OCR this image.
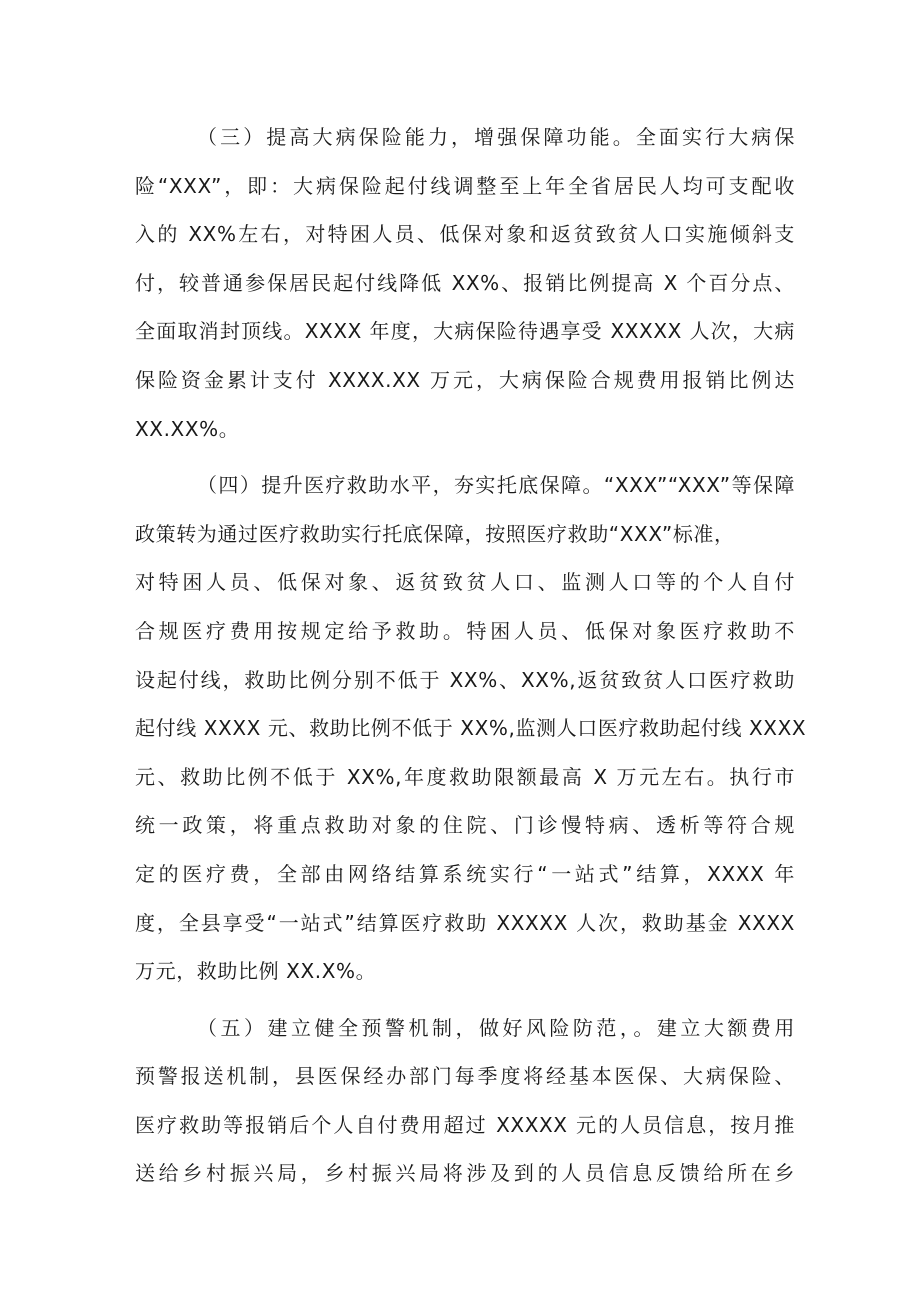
（三）提高大病保险能力，增强保障功能。全面实行大病保
险“XXX”，即：大病保险起付线调整至上年全省居民人均可支配收
入的 XX%左右，对特困人员、低保对象和返贫致贫人口实施倾斜支
付，较普通参保居民起付线降低 XX%、报销比例提高 X 个百分点、
全面取消封顶线。XXXX 年度，大病保险待遇享受 XXXXX 人次，大病
保险资金累计支付 XXXX.XX 万元，大病保险合规费用报销比例达
XX.XX%。
（四）提升医疗救助水平，夯实托底保障。“XXX”“XXX”等保障
政策转为通过医疗救助实行托底保障，按照医疗救助“XXX”标准，
对特困人员、低保对象、返贫致贫人口、监测人口等的个人自付
合规医疗费用按规定给予救助。特困人员、低保对象医疗救助不
设起付线，救助比例分别不低于 XX%、XX%,返贫致贫人口医疗救助
起付线 XXXX 元、救助比例不低于 XX%,监测人口医疗救助起付线 XXXX
元、救助比例不低于 XX%,年度救助限额最高 X 万元左右。执行市
统一政策，将重点救助对象的住院、门诊慢特病、透析等符合规
定的医疗费，全部由网络结算系统实行“一站式”结算，XXXX 年
度，全县享受“一站式”结算医疗救助 XXXXX 人次，救助基金 XXXX
万元，救助比例 XX.X%。
（五）建立健全预警机制，做好风险防范，。建立大额费用
预警报送机制，县医保经办部门每季度将经基本医保、大病保险、
医疗救助等报销后个人自付费用超过 XXXXX 元的人员信息，按月推
送给乡村振兴局，乡村振兴局将涉及到的人员信息反馈给所在乡
